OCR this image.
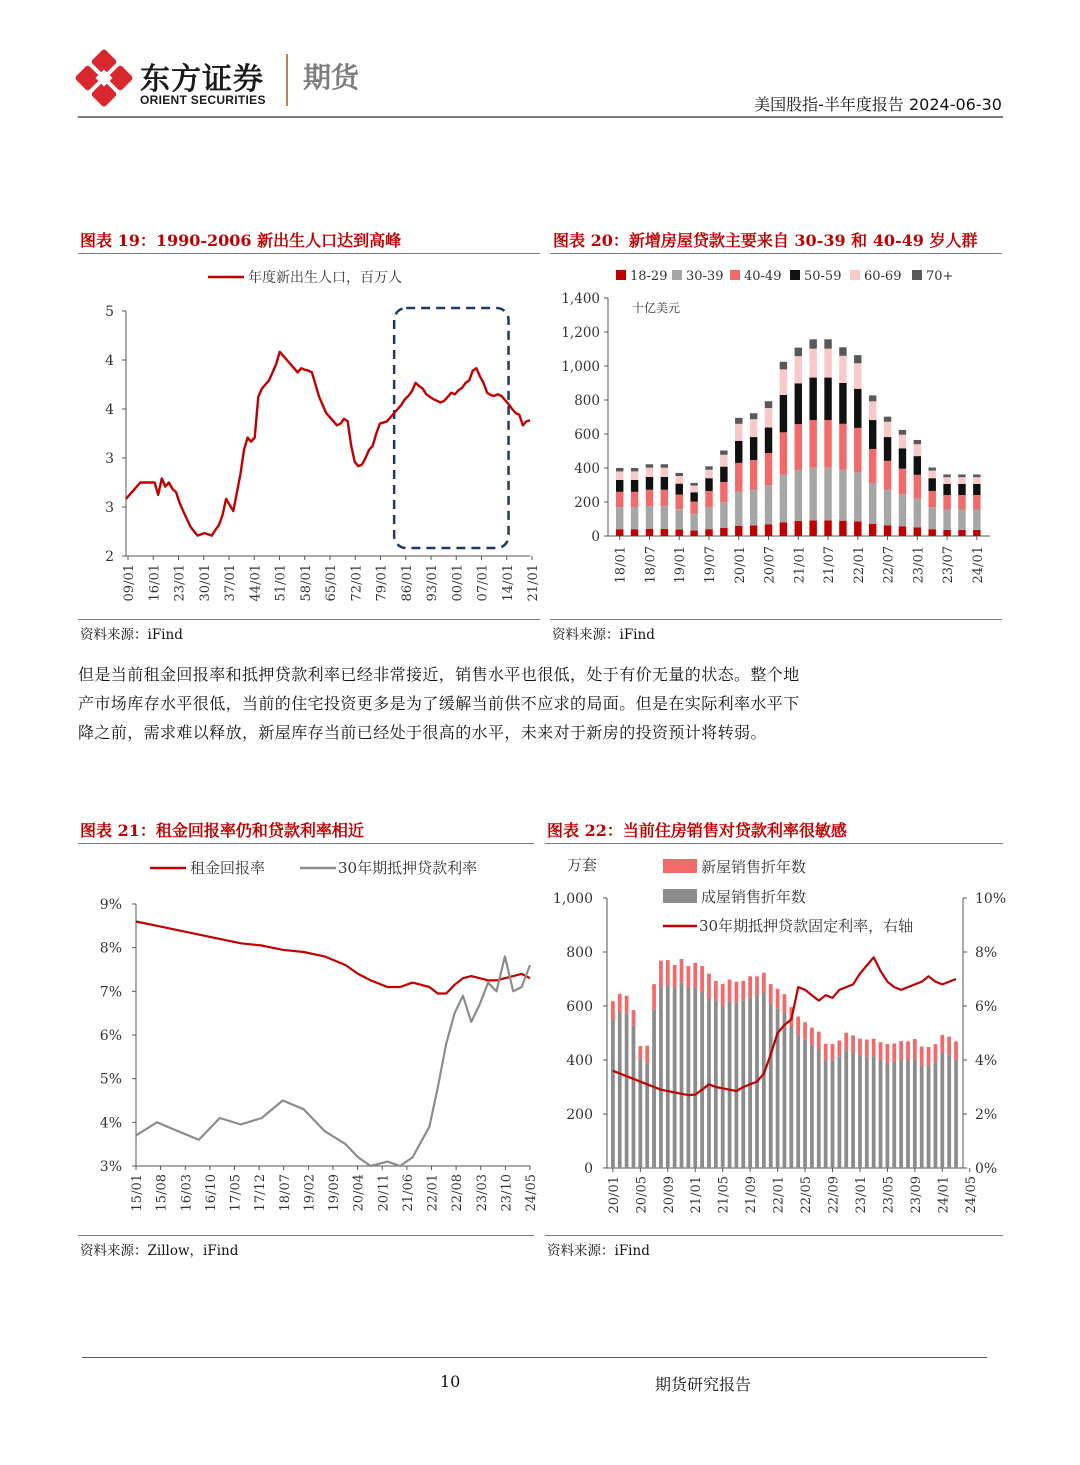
东方证券
ORIENT SECURITIES
期货
美国股指-半年度报告 2024-06-30
图表 19：1990-2006 新出生人口达到高峰
年度新出生人口，百万人
2
3
3
4
4
5
09/01 16/01 23/01 30/01 37/01 44/01 51/01 58/01 65/01 72/01 79/01 86/01 93/01 00/01 07/01 14/01 21/01
资料来源：iFind
图表 20：新增房屋贷款主要来自 30-39 和 40-49 岁人群
18-29 30-39 40-49 50-59 60-69 70+
十亿美元
0
200
400
600
800
1,000
1,200
1,400
18/01 18/07 19/01 19/07 20/01 20/07 21/01 21/07 22/01 22/07 23/01 23/07 24/01
资料来源：iFind
但是当前租金回报率和抵押贷款利率已经非常接近，销售水平也很低，处于有价无量的状态。整个地产市场库存水平很低，当前的住宅投资更多是为了缓解当前供不应求的局面。但是在实际利率水平下降之前，需求难以释放，新屋库存当前已经处于很高的水平，未来对于新房的投资预计将转弱。
图表 21：租金回报率仍和贷款利率相近
租金回报率	30年期抵押贷款利率
3%
4%
5%
6%
7%
8%
9%
15/01 15/08 16/03 16/10 17/05 17/12 18/07 19/02 19/09 20/04 20/11 21/06 22/01 22/08 23/03 23/10 24/05
资料来源：Zillow，iFind
图表 22：当前住房销售对贷款利率很敏感
万套	新屋销售折年数
成屋销售折年数
30年期抵押贷款固定利率，右轴
0
200
400
600
800
1,000
0%
2%
4%
6%
8%
10%
20/01 20/05 20/09 21/01 21/05 21/09 22/01 22/05 22/09 23/01 23/05 23/09 24/01 24/05
资料来源：iFind
10	期货研究报告
